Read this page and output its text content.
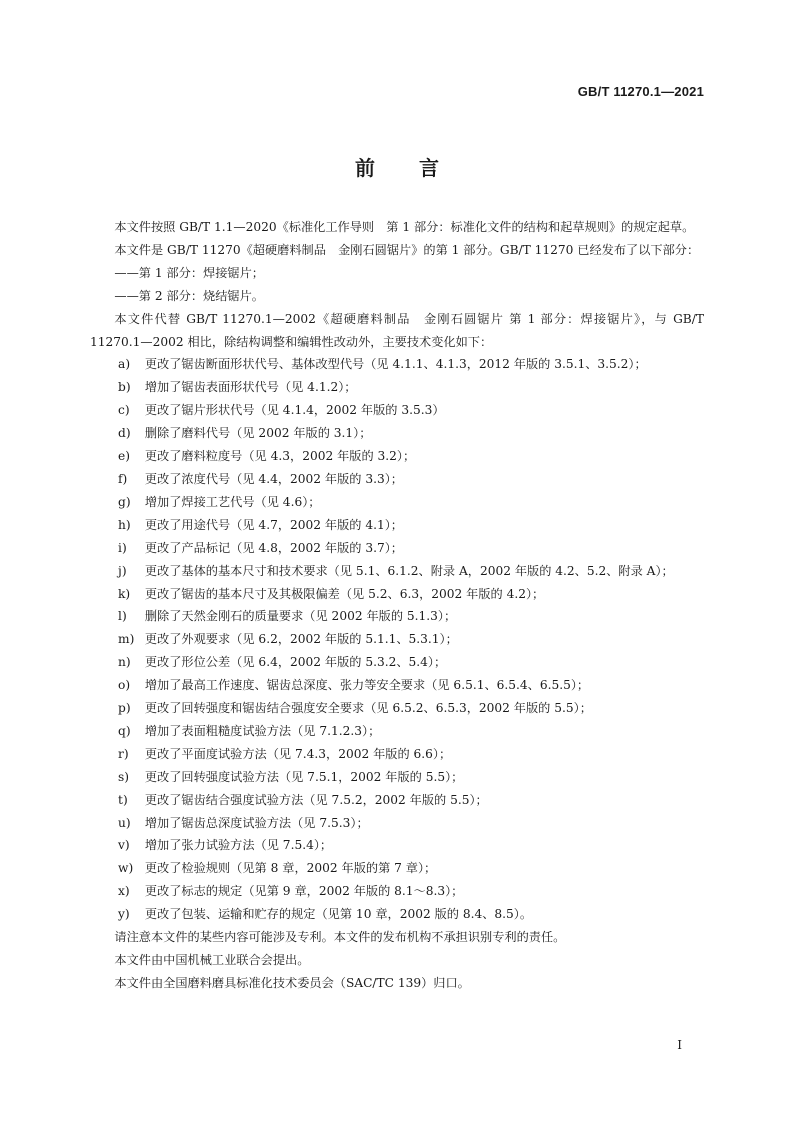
GB/T 11270.1—2021
前 言

本文件按照 GB/T 1.1—2020《标准化工作导则　第 1 部分：标准化文件的结构和起草规则》的规定起草。

本文件是 GB/T 11270《超硬磨料制品　金刚石圆锯片》的第 1 部分。GB/T 11270 已经发布了以下部分：

——第 1 部分：焊接锯片；

——第 2 部分：烧结锯片。

本文件代替 GB/T 11270.1—2002《超硬磨料制品　金刚石圆锯片 第 1 部分：焊接锯片》，与 GB/T 11270.1—2002 相比，除结构调整和编辑性改动外，主要技术变化如下：

a) 更改了锯齿断面形状代号、基体改型代号（见 4.1.1、4.1.3，2012 年版的 3.5.1、3.5.2）；
b) 增加了锯齿表面形状代号（见 4.1.2）；
c) 更改了锯片形状代号（见 4.1.4，2002 年版的 3.5.3）
d) 删除了磨料代号（见 2002 年版的 3.1）；
e) 更改了磨料粒度号（见 4.3，2002 年版的 3.2）；
f) 更改了浓度代号（见 4.4，2002 年版的 3.3）；
g) 增加了焊接工艺代号（见 4.6）；
h) 更改了用途代号（见 4.7，2002 年版的 4.1）；
i) 更改了产品标记（见 4.8，2002 年版的 3.7）；
j) 更改了基体的基本尺寸和技术要求（见 5.1、6.1.2、附录 A，2002 年版的 4.2、5.2、附录 A）；
k) 更改了锯齿的基本尺寸及其极限偏差（见 5.2、6.3，2002 年版的 4.2）；
l) 删除了天然金刚石的质量要求（见 2002 年版的 5.1.3）；
m) 更改了外观要求（见 6.2，2002 年版的 5.1.1、5.3.1）；
n) 更改了形位公差（见 6.4，2002 年版的 5.3.2、5.4）；
o) 增加了最高工作速度、锯齿总深度、张力等安全要求（见 6.5.1、6.5.4、6.5.5）；
p) 更改了回转强度和锯齿结合强度安全要求（见 6.5.2、6.5.3，2002 年版的 5.5）；
q) 增加了表面粗糙度试验方法（见 7.1.2.3）；
r) 更改了平面度试验方法（见 7.4.3，2002 年版的 6.6）；
s) 更改了回转强度试验方法（见 7.5.1，2002 年版的 5.5）；
t) 更改了锯齿结合强度试验方法（见 7.5.2，2002 年版的 5.5）；
u) 增加了锯齿总深度试验方法（见 7.5.3）；
v) 增加了张力试验方法（见 7.5.4）；
w) 更改了检验规则（见第 8 章，2002 年版的第 7 章）；
x) 更改了标志的规定（见第 9 章，2002 年版的 8.1～8.3）；
y) 更改了包装、运输和贮存的规定（见第 10 章，2002 版的 8.4、8.5）。

请注意本文件的某些内容可能涉及专利。本文件的发布机构不承担识别专利的责任。

本文件由中国机械工业联合会提出。

本文件由全国磨料磨具标准化技术委员会（SAC/TC 139）归口。

I
